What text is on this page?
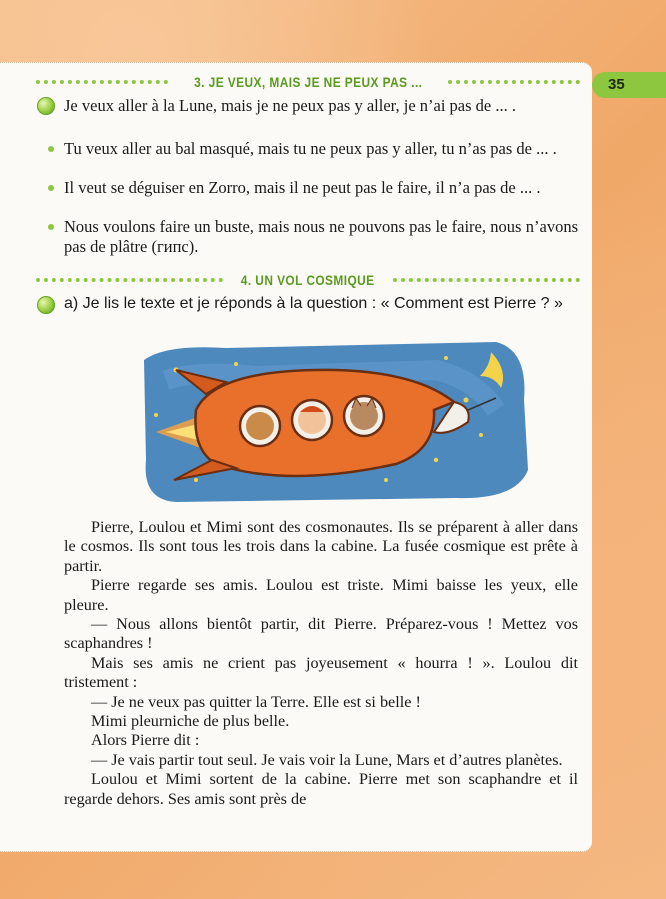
35
3. JE VEUX, MAIS JE NE PEUX PAS ...
Je veux aller à la Lune, mais je ne peux pas y aller, je n’ai pas de ... .
Tu veux aller au bal masqué, mais tu ne peux pas y aller, tu n’as pas de ... .
Il veut se déguiser en Zorro, mais il ne peut pas le faire, il n’a pas de ... .
Nous voulons faire un buste, mais nous ne pouvons pas le faire, nous n’avons pas de plâtre (гипс).
4. UN VOL COSMIQUE
a) Je lis le texte et je réponds à la question : « Comment est Pierre ? »

Pierre, Loulou et Mimi sont des cosmonautes. Ils se préparent à aller dans le cosmos. Ils sont tous les trois dans la cabine. La fusée cosmique est prête à partir.

Pierre regarde ses amis. Loulou est triste. Mimi baisse les yeux, elle pleure.

— Nous allons bientôt partir, dit Pierre. Préparez-vous ! Mettez vos scaphandres !

Mais ses amis ne crient pas joyeusement « hourra ! ». Loulou dit tristement :

— Je ne veux pas quitter la Terre. Elle est si belle !

Mimi pleurniche de plus belle.

Alors Pierre dit :

— Je vais partir tout seul. Je vais voir la Lune, Mars et d’autres planètes.

Loulou et Mimi sortent de la cabine. Pierre met son scaphandre et il regarde dehors. Ses amis sont près de
